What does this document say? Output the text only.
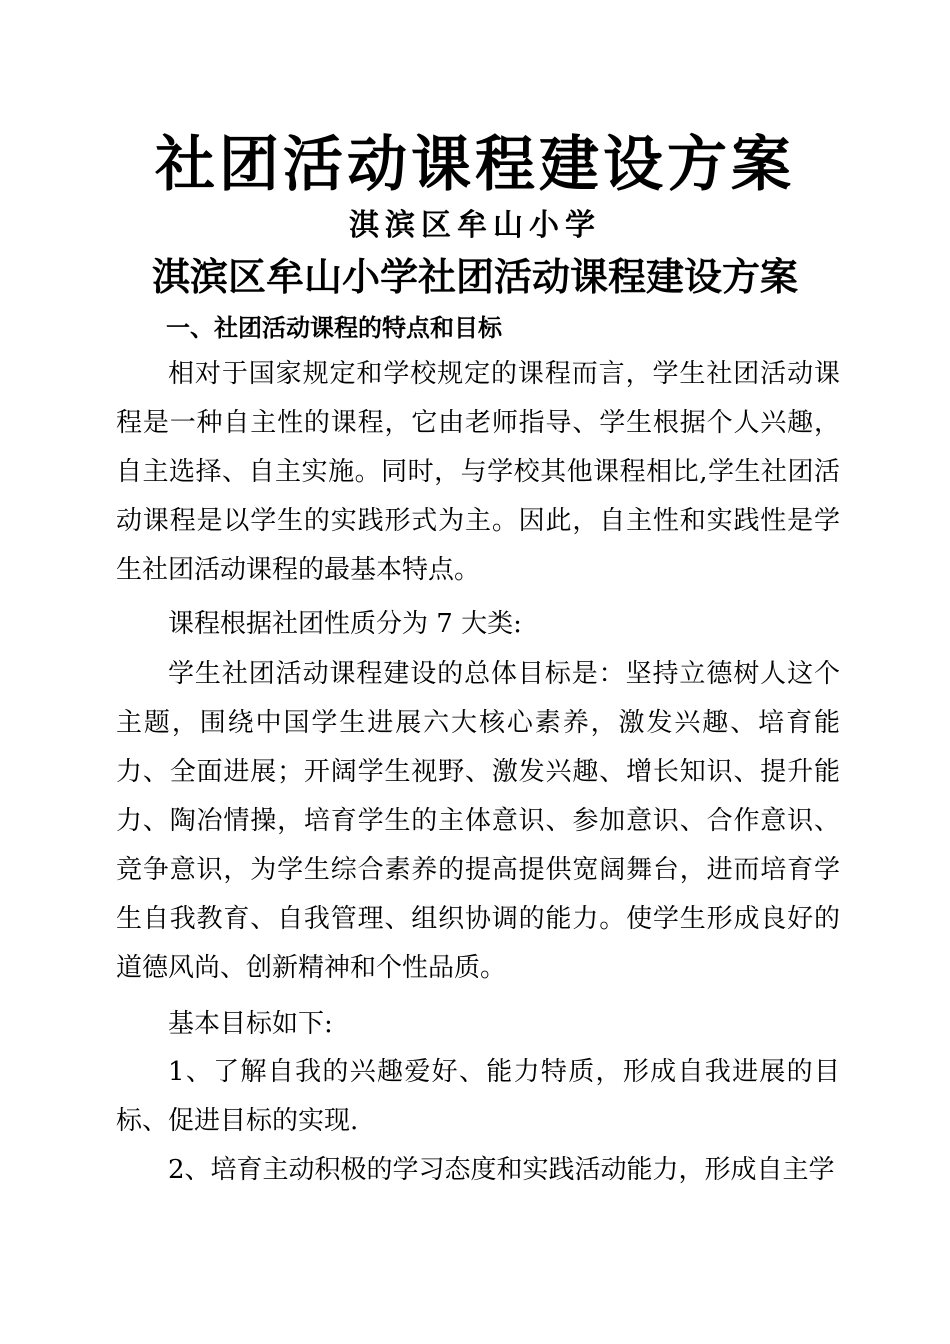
社团活动课程建设方案
淇滨区牟山小学
淇滨区牟山小学社团活动课程建设方案
一、社团活动课程的特点和目标

相对于国家规定和学校规定的课程而言，学生社团活动课程是一种自主性的课程，它由老师指导、学生根据个人兴趣，自主选择、自主实施。同时，与学校其他课程相比,学生社团活动课程是以学生的实践形式为主。因此，自主性和实践性是学生社团活动课程的最基本特点。

课程根据社团性质分为 7 大类:

学生社团活动课程建设的总体目标是：坚持立德树人这个主题，围绕中国学生进展六大核心素养，激发兴趣、培育能力、全面进展；开阔学生视野、激发兴趣、增长知识、提升能力、陶冶情操，培育学生的主体意识、参加意识、合作意识、竞争意识，为学生综合素养的提高提供宽阔舞台，进而培育学生自我教育、自我管理、组织协调的能力。使学生形成良好的道德风尚、创新精神和个性品质。

基本目标如下:

1、了解自我的兴趣爱好、能力特质，形成自我进展的目标、促进目标的实现.

2、培育主动积极的学习态度和实践活动能力，形成自主学
